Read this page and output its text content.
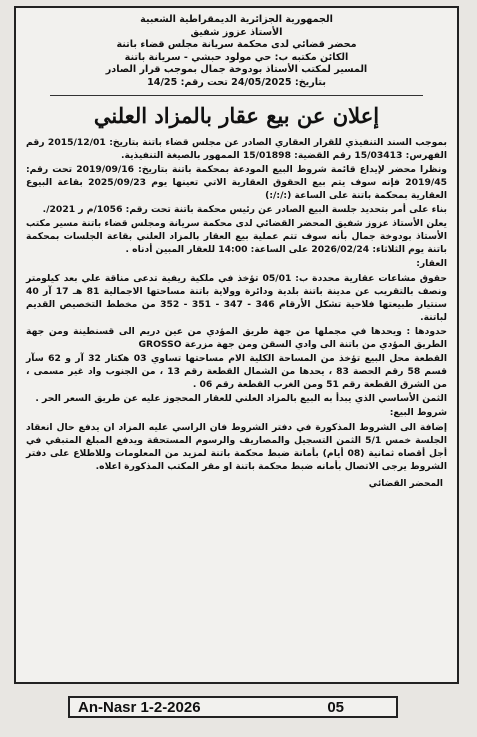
الجمهورية الجزائرية الديمقراطية الشعبية
الأستاذ عزوز شفيق
محضر قضائي لدى محكمة سريانة مجلس قضاء باتنة
الكائن مكتبه ب: حي مولود حبشي - سريانة باتنة
المسير لمكتب الأستاذ بودوخة جمال بموجب قرار الصادر
بتاريخ: 24/05/2025 تحت رقم: 14/25
إعلان عن بيع عقار بالمزاد العلني

بموجب السند التنفيذي للقرار العقاري الصادر عن مجلس قضاء باتنة بتاريخ: 2015/12/01 رقم الفهرس: 15/03413 رقم القضية: 15/01898 الممهور بالصيغة التنفيذية.

ونظرا محضر لإيداع قائمة شروط البيع المودعة بمحكمة باتنة بتاريخ: 2019/09/16 تحت رقم: 2019/45 فإنه سوف يتم بيع الحقوق العقارية الاتي تعينها يوم 2025/09/23 بقاعة البيوع العقارية بمحكمة باتنة على الساعة (:/:/:)

بناء على أمر بتحديد جلسة البيع الصادر عن رئيس محكمة باتنة تحت رقم: 1056/م ر 2021/.

يعلن الأستاذ عزوز شفيق المحضر القضائي لدى محكمة سريانة ومجلس قضاء باتنة مسير مكتب الأستاذ بودوخة جمال بأنه سوف تتم عملية بيع العقار بالمزاد العلني بقاعة الجلسات بمحكمة باتنة يوم الثلاثاء: 2026/02/24 على الساعة: 14:00 للعقار المبين أدناه .

العقار:

حقوق مشاعات عقارية محددة ب: 05/01 تؤخذ في ملكية ريفية تدعى مناقة علي بعد كيلومتر ونصف بالتقريب عن مدينة باتنة بلدية ودائرة وولاية باتنة مساحتها الاجمالية 81 هـ 17 آر 40 سنتيار طبيعتها فلاحية تشكل الأرقام 346 - 347 - 351 - 352 من مخطط التخصيص القديم لباتنة.

حدودها : ويحدها في مجملها من جهة طريق المؤدي من عين دريم الى قسنطينة ومن جهة الطريق المؤدي من باتنة الى وادي السقن ومن جهة مزرعة GROSSO

القطعة محل البيع تؤخذ من المساحة الكلية الام مساحتها تساوي 03 هكتار 32 آر و 62 سآر قسم 58 رقم الحصة 83 ، يحدها من الشمال القطعة رقم 13 ، من الجنوب واد غير مسمى ، من الشرق القطعة رقم 51 ومن الغرب القطعة رقم 06 .

الثمن الأساسي الذي يبدأ به البيع بالمزاد العلني للعقار المحجوز عليه عن طريق السعر الحر .

شروط البيع:

إضافة الى الشروط المذكورة في دفتر الشروط فان الراسي عليه المزاد ان يدفع حال انعقاد الجلسة خمس 5/1 الثمن التسجيل والمصاريف والرسوم المستحقة ويدفع المبلغ المتبقي في أجل أقصاه ثمانية (08 أيام) بأمانة ضبط محكمة باتنة لمزيد من المعلومات وللاطلاع على دفتر الشروط يرجى الاتصال بأمانه ضبط محكمة باتنة او مقر المكتب المذكورة اعلاه.

المحضر القضائي
An-Nasr 1-2-2026	05
